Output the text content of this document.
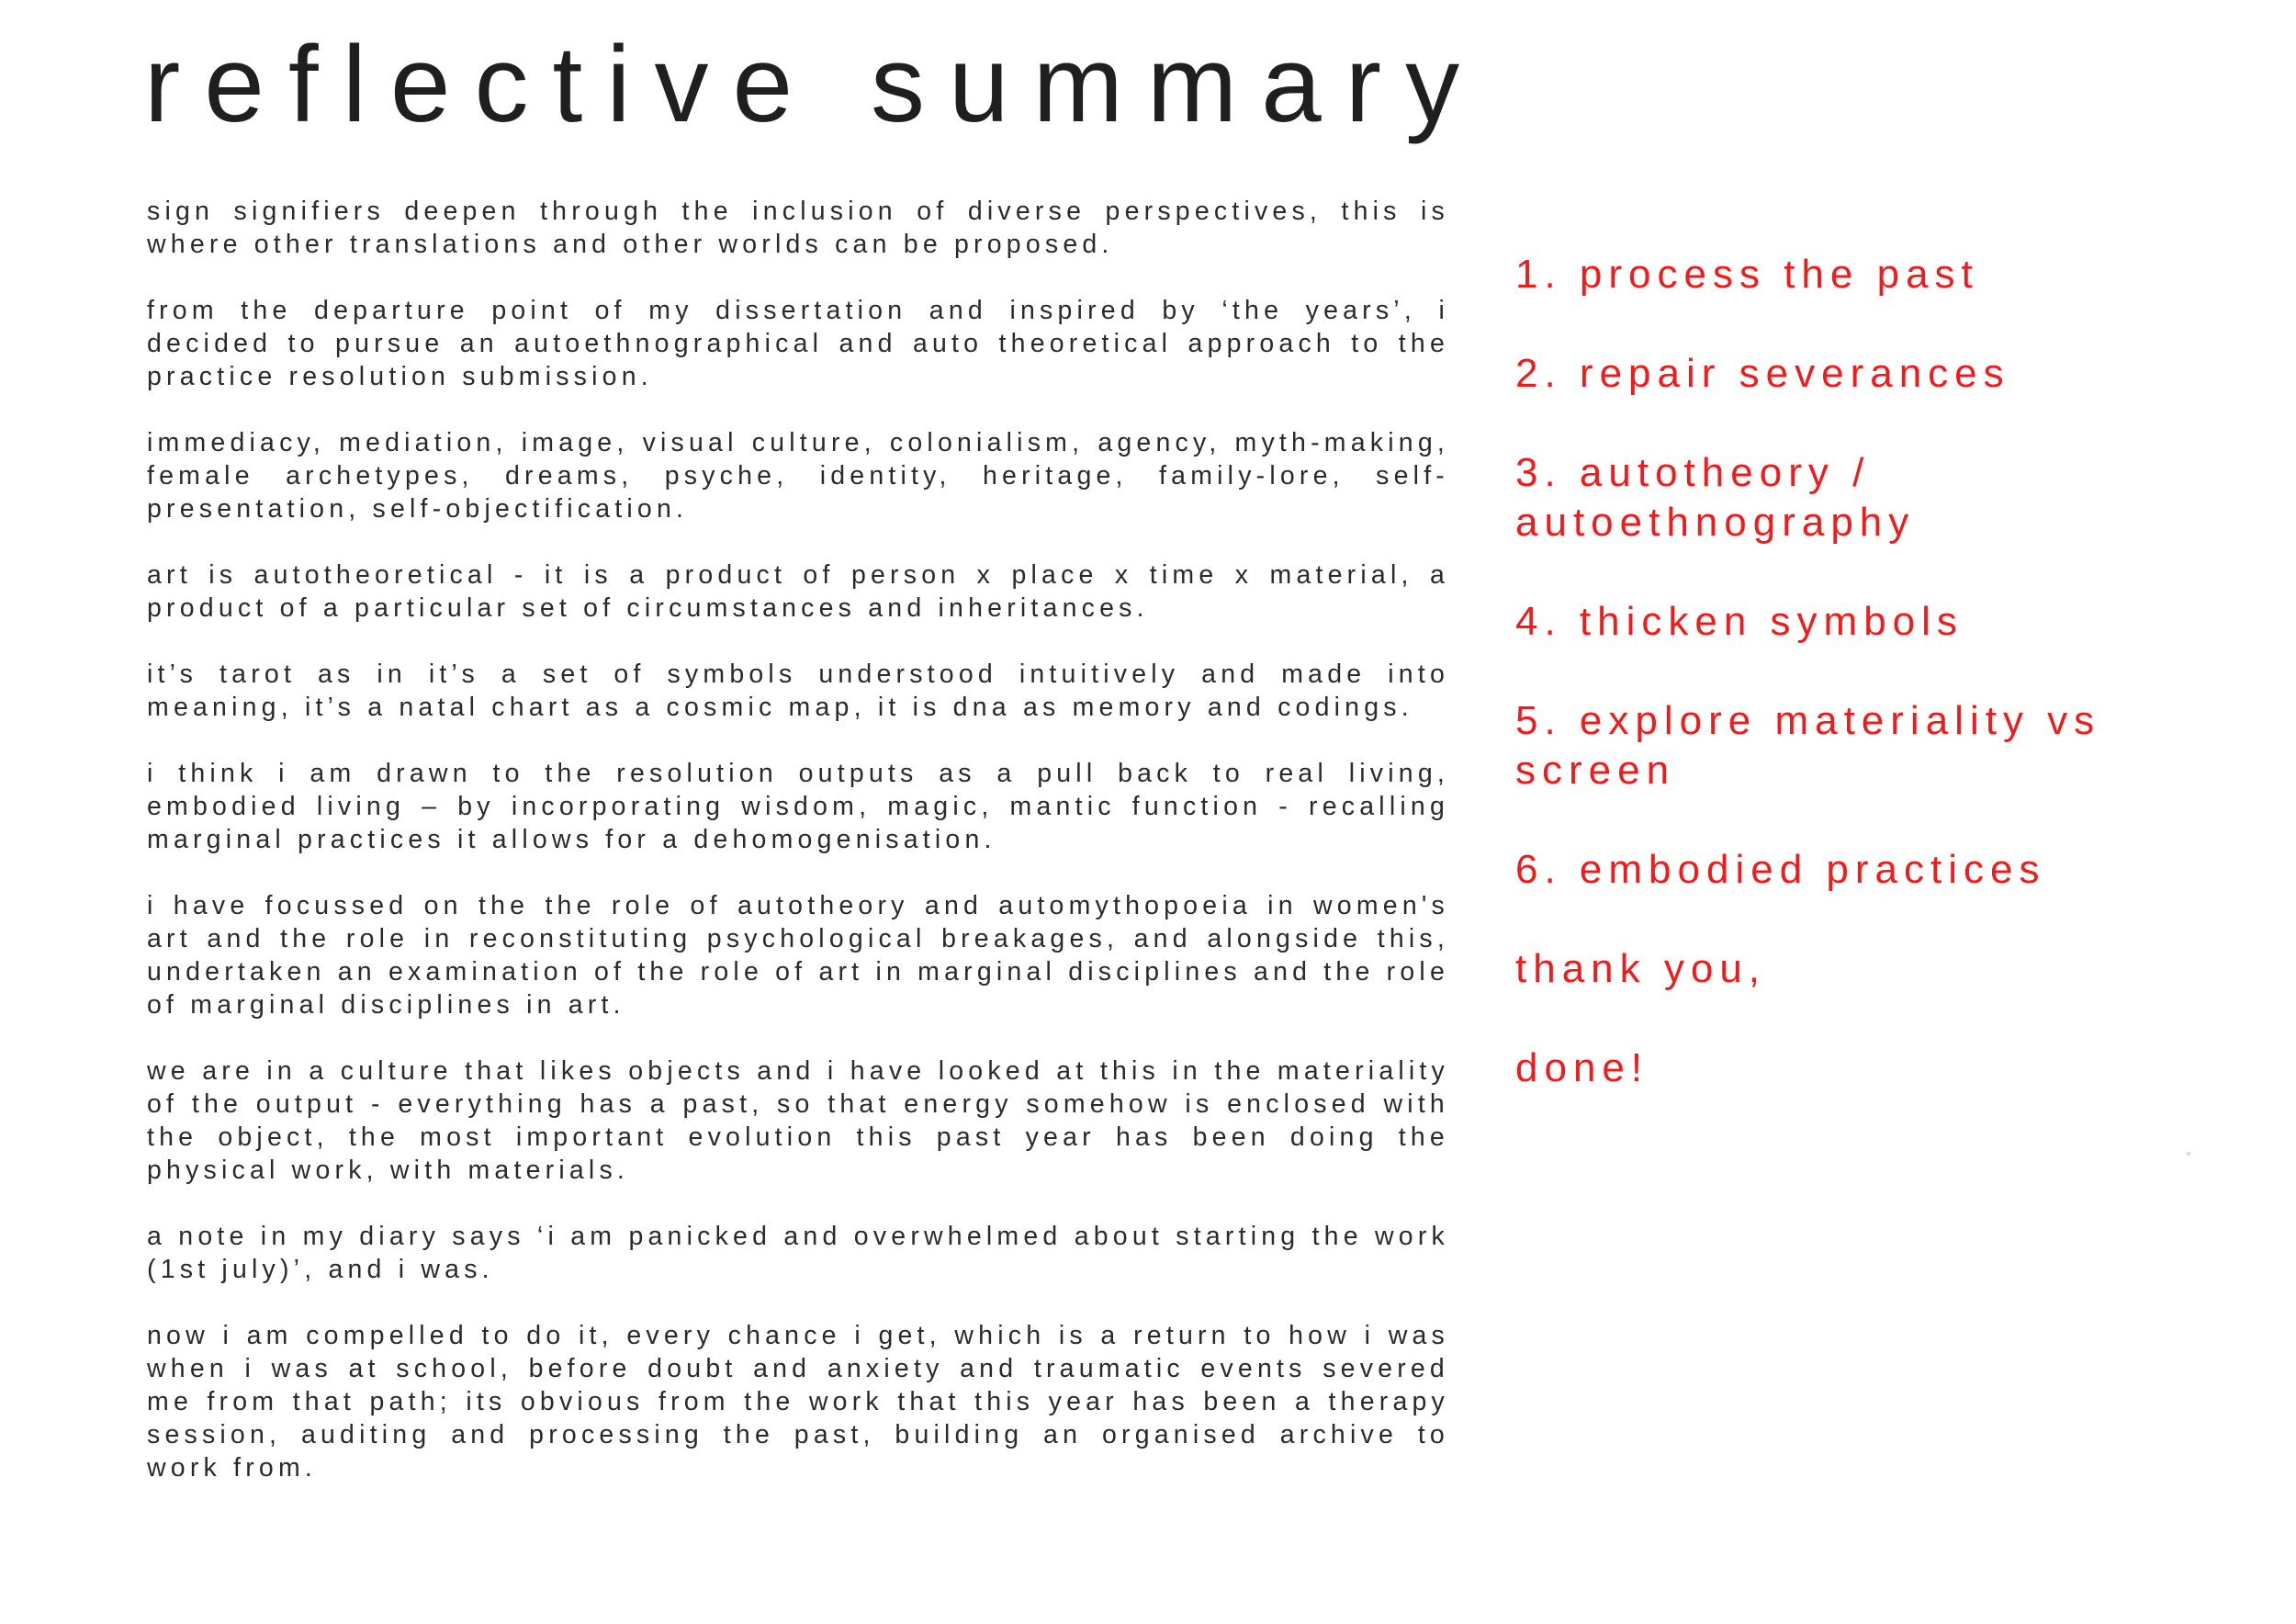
reflective summary

sign signifiers deepen through the inclusion of diverse perspectives, this is where other translations and other worlds can be proposed.

from the departure point of my dissertation and inspired by ‘the years’, i decided to pursue an autoethnographical and auto theoretical approach to the practice resolution submission.

immediacy, mediation, image, visual culture, colonialism, agency, myth-making, female archetypes, dreams, psyche, identity, heritage, family-lore, self-presentation, self-objectification.

art is autotheoretical - it is a product of person x place x time x material, a product of a particular set of circumstances and inheritances.

it’s tarot as in it’s a set of symbols understood intuitively and made into meaning, it’s a natal chart as a cosmic map, it is dna as memory and codings.

i think i am drawn to the resolution outputs as a pull back to real living, embodied living – by incorporating wisdom, magic, mantic function - recalling marginal practices it allows for a dehomogenisation.

i have focussed on the the role of autotheory and automythopoeia in women's art and the role in reconstituting psychological breakages, and alongside this, undertaken an examination of the role of art in marginal disciplines and the role of marginal disciplines in art.

we are in a culture that likes objects and i have looked at this in the materiality of the output - everything has a past, so that energy somehow is enclosed with the object, the most important evolution this past year has been doing the physical work, with materials.

a note in my diary says ‘i am panicked and overwhelmed about starting the work (1st july)’, and i was.

now i am compelled to do it, every chance i get, which is a return to how i was when i was at school, before doubt and anxiety and traumatic events severed me from that path; its obvious from the work that this year has been a therapy session, auditing and processing the past, building an organised archive to work from.

1. process the past

2. repair severances

3. autotheory / autoethnography

4. thicken symbols

5. explore materiality vs screen

6. embodied practices

thank you,

done!
